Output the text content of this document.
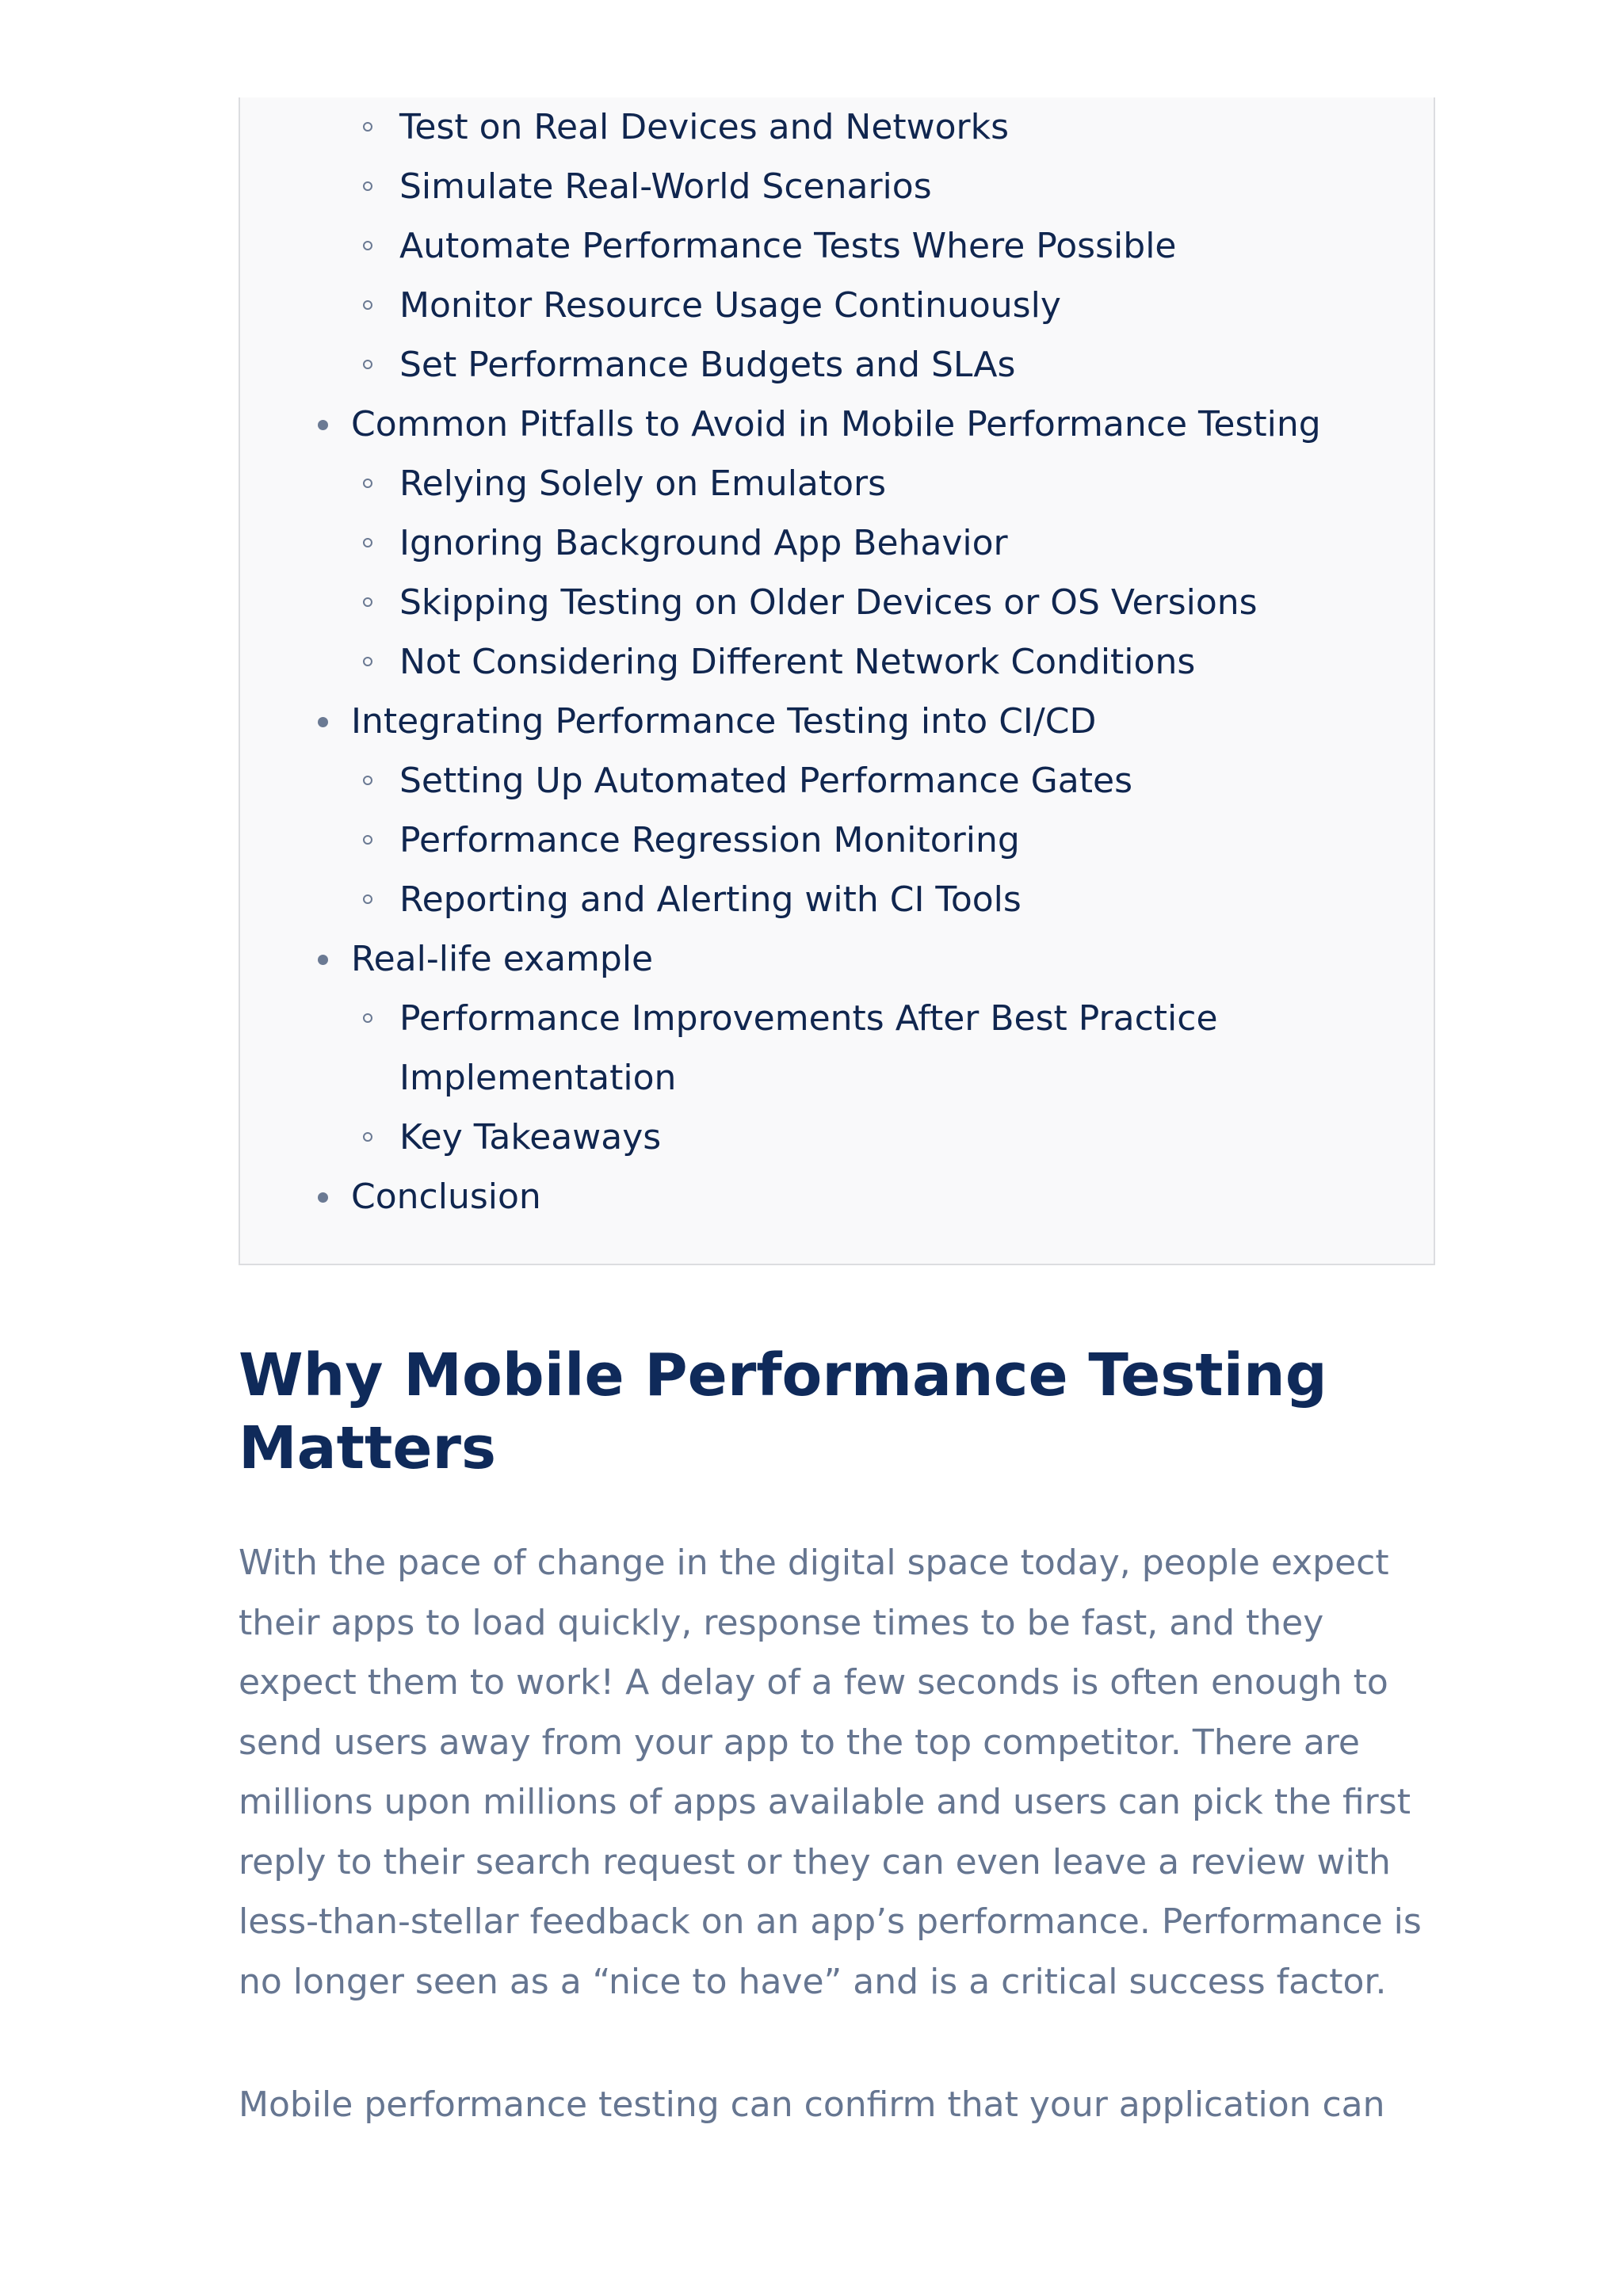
Test on Real Devices and Networks
Simulate Real-World Scenarios
Automate Performance Tests Where Possible
Monitor Resource Usage Continuously
Set Performance Budgets and SLAs
Common Pitfalls to Avoid in Mobile Performance Testing
Relying Solely on Emulators
Ignoring Background App Behavior
Skipping Testing on Older Devices or OS Versions
Not Considering Different Network Conditions
Integrating Performance Testing into CI/CD
Setting Up Automated Performance Gates
Performance Regression Monitoring
Reporting and Alerting with CI Tools
Real-life example
Performance Improvements After Best Practice
Implementation
Key Takeaways
Conclusion
Why Mobile Performance Testing
Matters

With the pace of change in the digital space today, people expect their apps to load quickly, response times to be fast, and they expect them to work! A delay of a few seconds is often enough to send users away from your app to the top competitor. There are millions upon millions of apps available and users can pick the first reply to their search request or they can even leave a review with less-than-stellar feedback on an app’s performance. Performance is no longer seen as a “nice to have” and is a critical success factor.

Mobile performance testing can confirm that your application can
